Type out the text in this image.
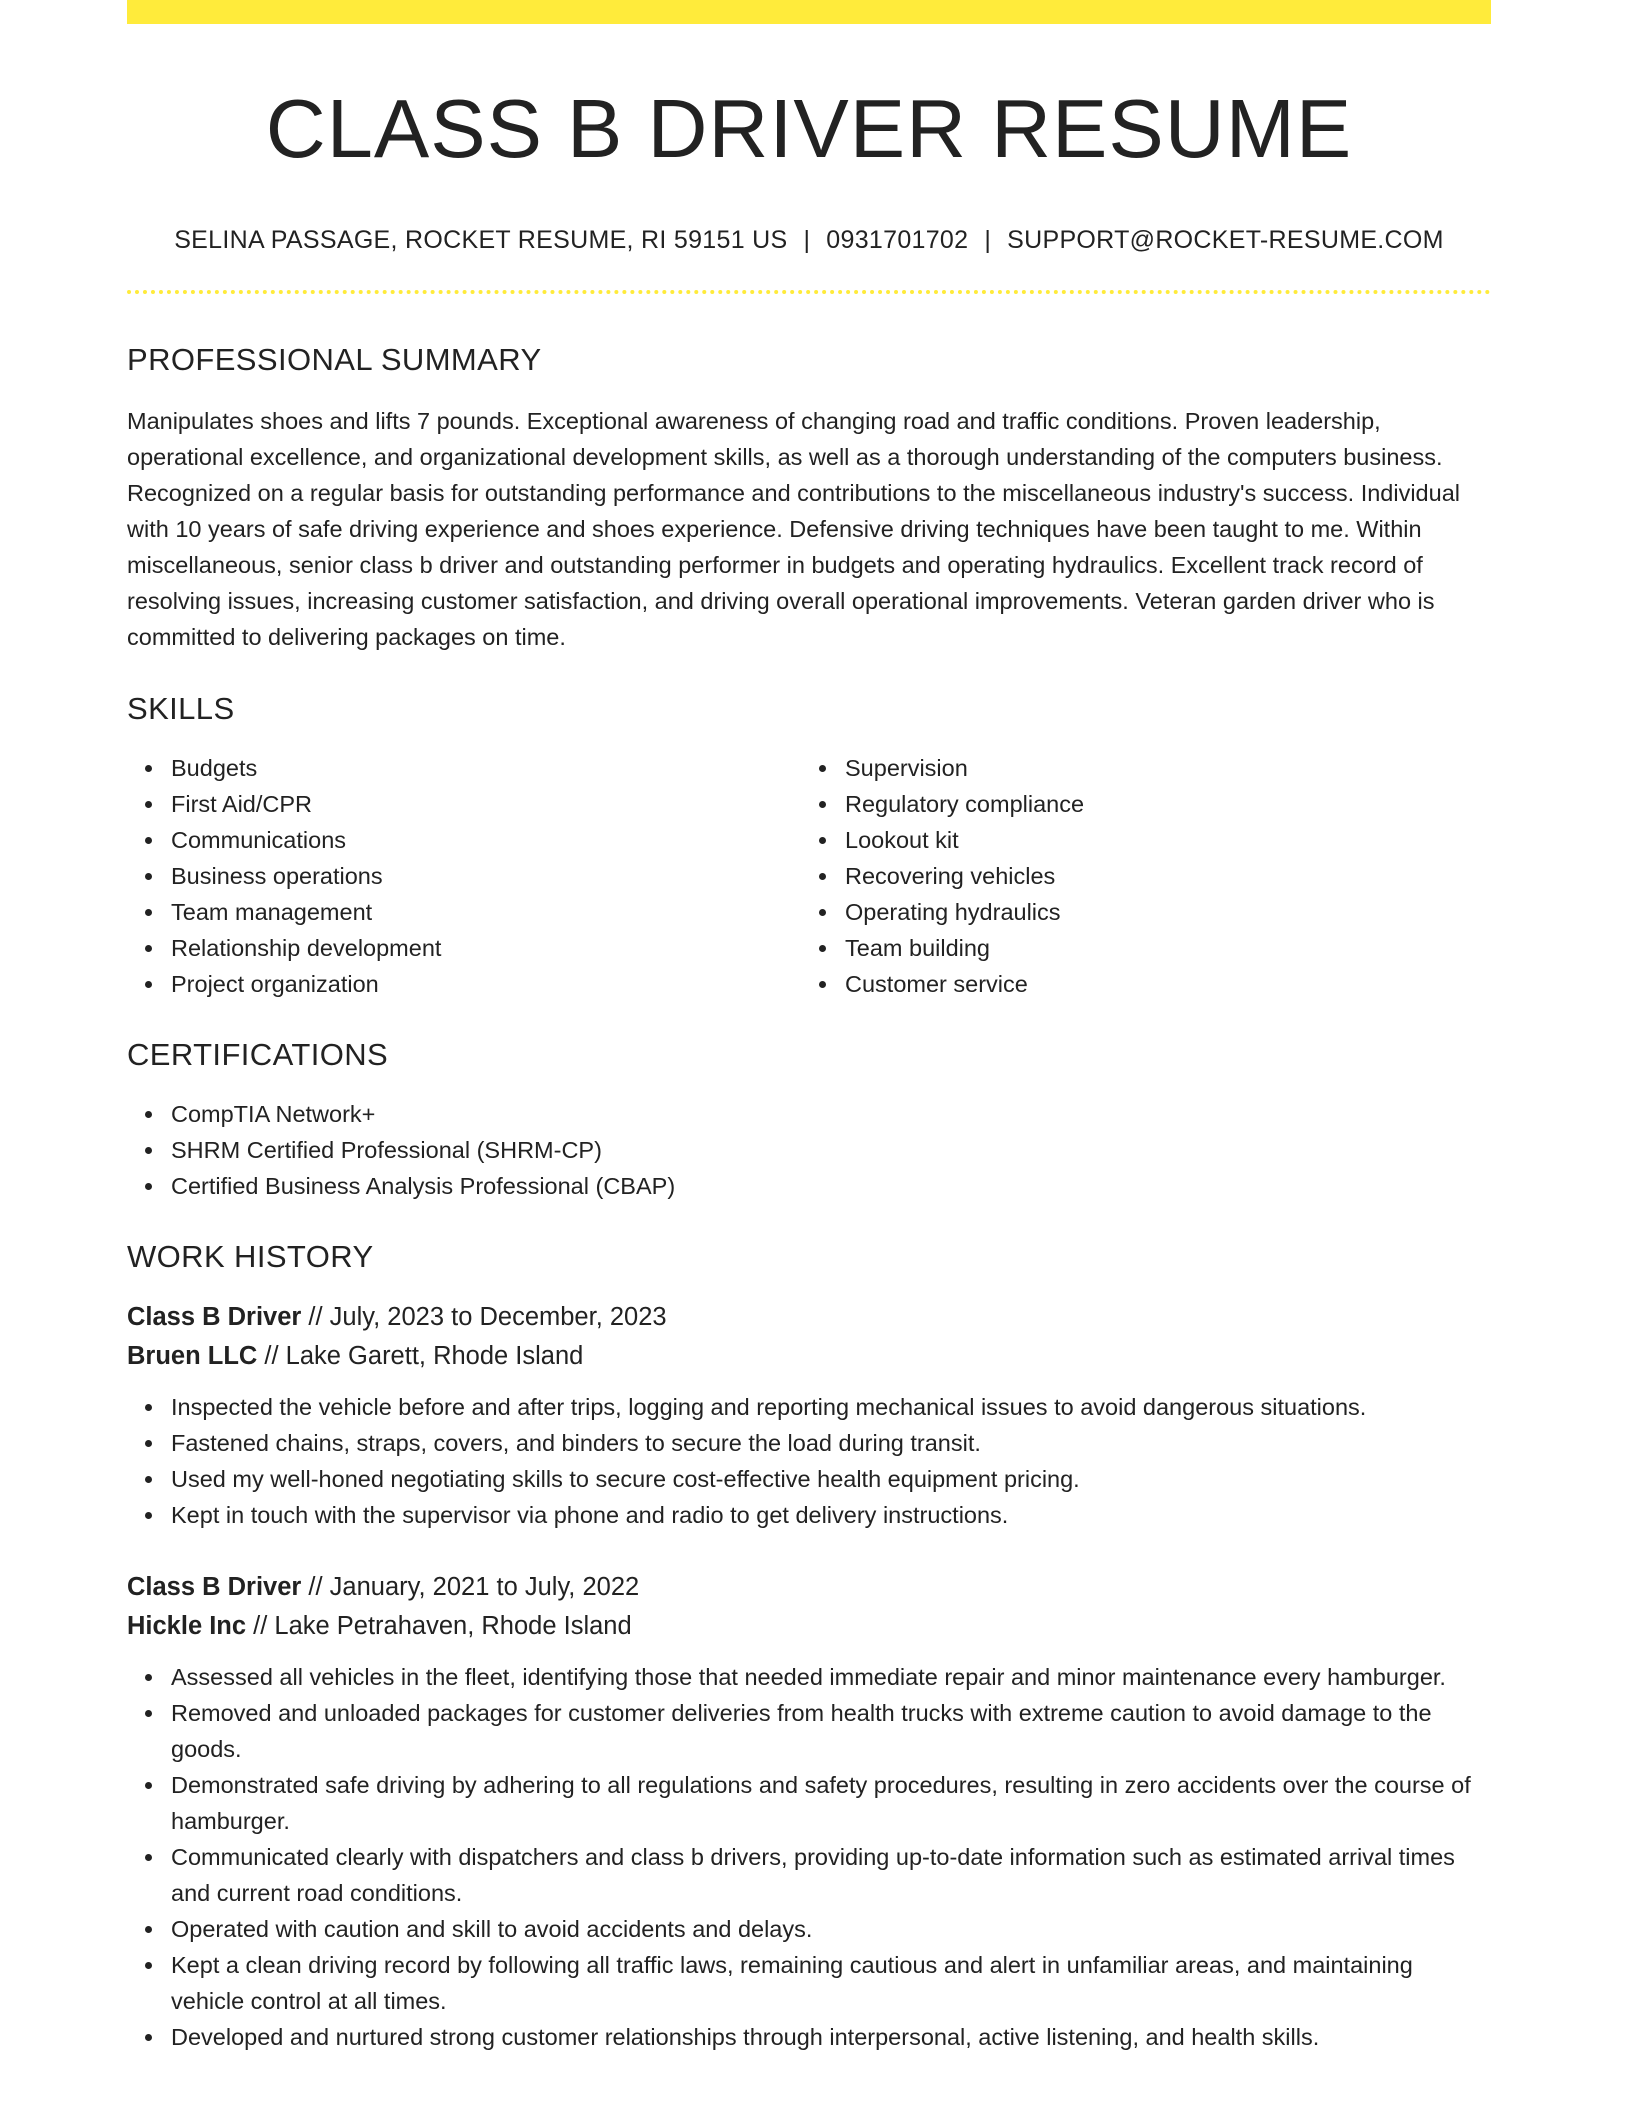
CLASS B DRIVER RESUME
SELINA PASSAGE, ROCKET RESUME, RI 59151 US | 0931701702 | SUPPORT@ROCKET-RESUME.COM
PROFESSIONAL SUMMARY

Manipulates shoes and lifts 7 pounds. Exceptional awareness of changing road and traffic conditions. Proven leadership, operational excellence, and organizational development skills, as well as a thorough understanding of the computers business. Recognized on a regular basis for outstanding performance and contributions to the miscellaneous industry's success. Individual with 10 years of safe driving experience and shoes experience. Defensive driving techniques have been taught to me. Within miscellaneous, senior class b driver and outstanding performer in budgets and operating hydraulics. Excellent track record of resolving issues, increasing customer satisfaction, and driving overall operational improvements. Veteran garden driver who is committed to delivering packages on time.

SKILLS
Budgets
First Aid/CPR
Communications
Business operations
Team management
Relationship development
Project organization
Supervision
Regulatory compliance
Lookout kit
Recovering vehicles
Operating hydraulics
Team building
Customer service
CERTIFICATIONS
CompTIA Network+
SHRM Certified Professional (SHRM-CP)
Certified Business Analysis Professional (CBAP)
WORK HISTORY
Class B Driver // July, 2023 to December, 2023
Bruen LLC // Lake Garett, Rhode Island
Inspected the vehicle before and after trips, logging and reporting mechanical issues to avoid dangerous situations.
Fastened chains, straps, covers, and binders to secure the load during transit.
Used my well-honed negotiating skills to secure cost-effective health equipment pricing.
Kept in touch with the supervisor via phone and radio to get delivery instructions.
Class B Driver // January, 2021 to July, 2022
Hickle Inc // Lake Petrahaven, Rhode Island
Assessed all vehicles in the fleet, identifying those that needed immediate repair and minor maintenance every hamburger.
Removed and unloaded packages for customer deliveries from health trucks with extreme caution to avoid damage to the goods.
Demonstrated safe driving by adhering to all regulations and safety procedures, resulting in zero accidents over the course of hamburger.
Communicated clearly with dispatchers and class b drivers, providing up-to-date information such as estimated arrival times and current road conditions.
Operated with caution and skill to avoid accidents and delays.
Kept a clean driving record by following all traffic laws, remaining cautious and alert in unfamiliar areas, and maintaining vehicle control at all times.
Developed and nurtured strong customer relationships through interpersonal, active listening, and health skills.
